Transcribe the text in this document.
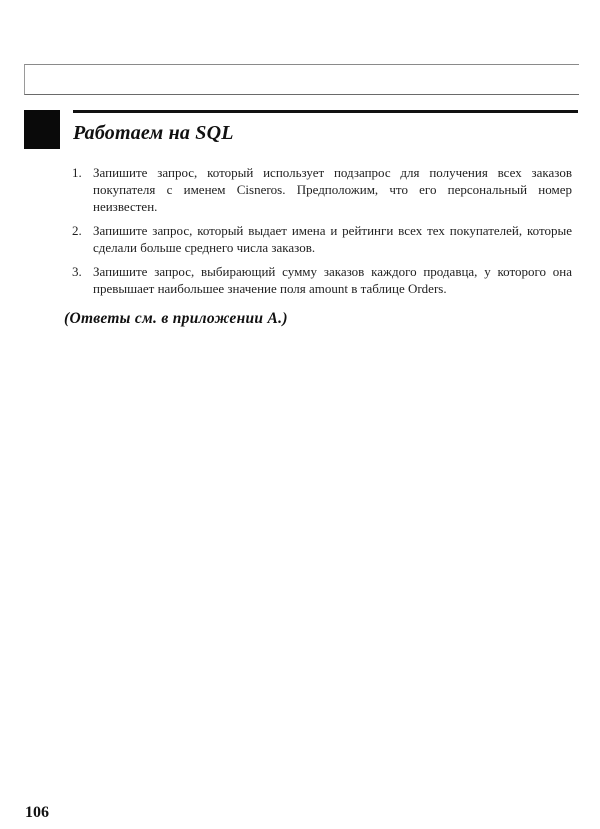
Работаем на SQL
1. Запишите запрос, который использует подзапрос для получения всех заказов покупателя с именем Cisneros. Предположим, что его персональный номер неизвестен.
2. Запишите запрос, который выдает имена и рейтинги всех тех покупателей, которые сделали больше среднего числа заказов.
3. Запишите запрос, выбирающий сумму заказов каждого продавца, у которого она превышает наибольшее значение поля amount в таблице Orders.

(Ответы см. в приложении А.)

106
